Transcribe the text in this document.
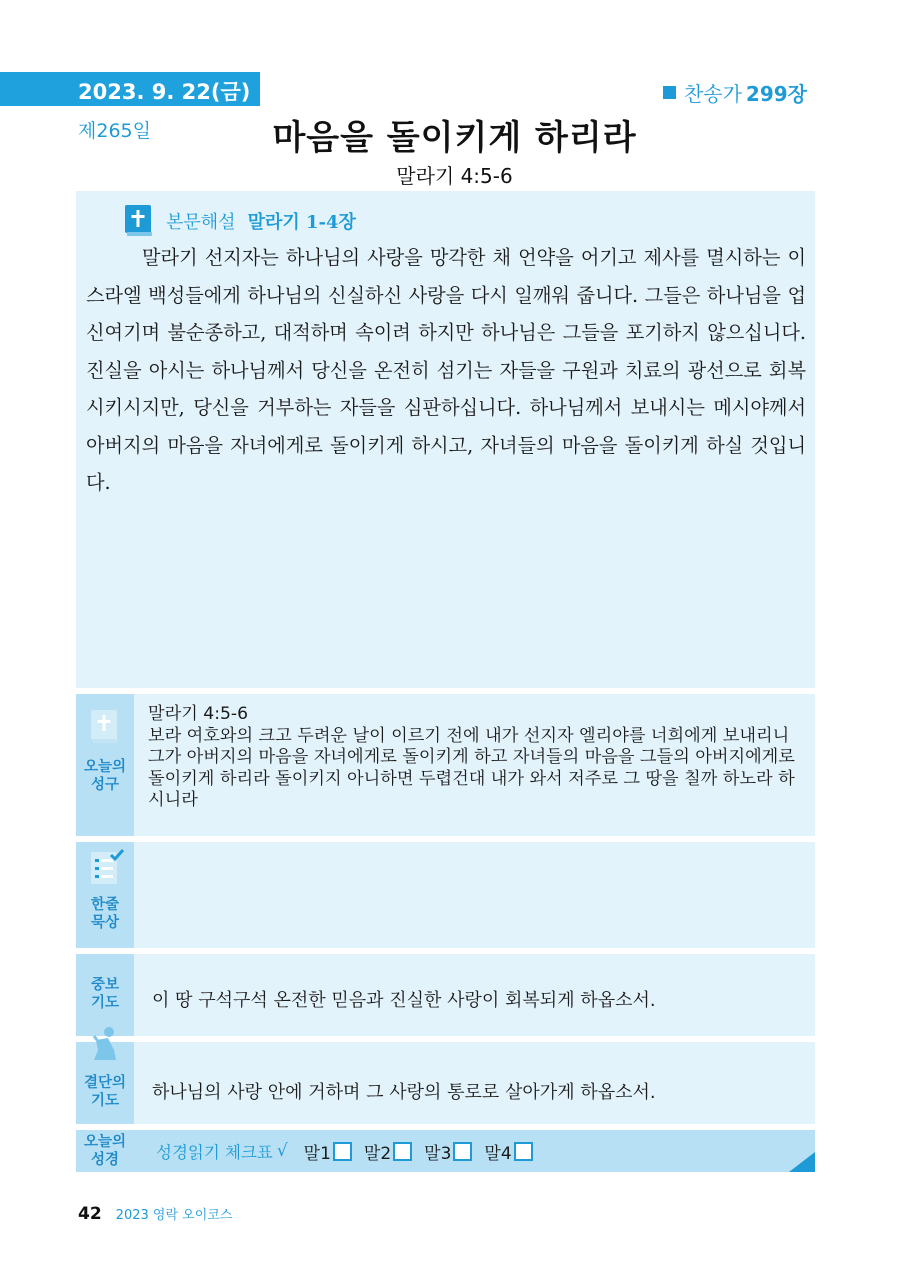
2023. 9. 22(금)	찬송가 299장
제265일	마음을 돌이키게 하리라
말라기 4:5-6
본문해설 말라기 1-4장
말라기 선지자는 하나님의 사랑을 망각한 채 언약을 어기고 제사를 멸시하는 이스라엘 백성들에게 하나님의 신실하신 사랑을 다시 일깨워 줍니다. 그들은 하나님을 업신여기며 불순종하고, 대적하며 속이려 하지만 하나님은 그들을 포기하지 않으십니다. 진실을 아시는 하나님께서 당신을 온전히 섬기는 자들을 구원과 치료의 광선으로 회복시키시지만, 당신을 거부하는 자들을 심판하십니다. 하나님께서 보내시는 메시야께서 아버지의 마음을 자녀에게로 돌이키게 하시고, 자녀들의 마음을 돌이키게 하실 것입니다.
오늘의
성구
말라기 4:5-6
보라 여호와의 크고 두려운 날이 이르기 전에 내가 선지자 엘리야를 너희에게 보내리니 그가 아버지의 마음을 자녀에게로 돌이키게 하고 자녀들의 마음을 그들의 아버지에게로 돌이키게 하리라 돌이키지 아니하면 두렵건대 내가 와서 저주로 그 땅을 칠까 하노라 하시니라
한줄
묵상
중보
기도	이 땅 구석구석 온전한 믿음과 진실한 사랑이 회복되게 하옵소서.
결단의
기도	하나님의 사랑 안에 거하며 그 사랑의 통로로 살아가게 하옵소서.
오늘의
성경	성경읽기 체크표 √ 말1 말2 말3 말4
42 2023 영락 오이코스
